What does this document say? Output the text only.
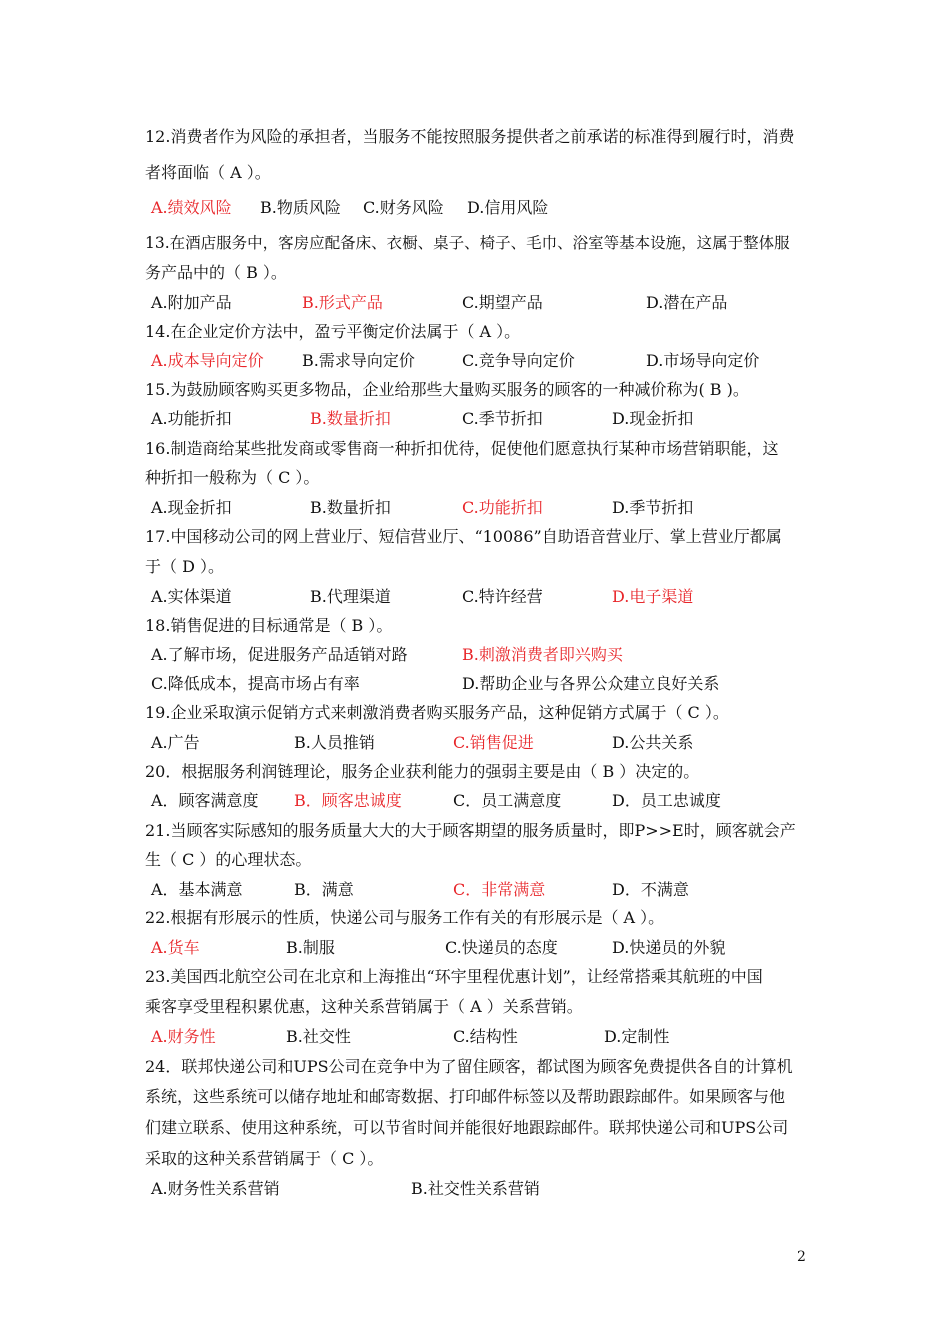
12.消费者作为风险的承担者，当服务不能按照服务提供者之前承诺的标准得到履行时，消费
者将面临（ A ）。
A.绩效风险 B.物质风险 C.财务风险 D.信用风险
13.在酒店服务中，客房应配备床、衣橱、桌子、椅子、毛巾、浴室等基本设施，这属于整体服
务产品中的（ B ）。
A.附加产品	B.形式产品	C.期望产品	D.潜在产品
14.在企业定价方法中，盈亏平衡定价法属于（ A ）。
A.成本导向定价 B.需求导向定价	C.竞争导向定价	D.市场导向定价
15.为鼓励顾客购买更多物品，企业给那些大量购买服务的顾客的一种减价称为( B )。
A.功能折扣	B.数量折扣	C.季节折扣	D.现金折扣
16.制造商给某些批发商或零售商一种折扣优待，促使他们愿意执行某种市场营销职能，这
种折扣一般称为（ C ）。
A.现金折扣	B.数量折扣	C.功能折扣	D.季节折扣
17.中国移动公司的网上营业厅、短信营业厅、“10086”自助语音营业厅、掌上营业厅都属
于（ D ）。
A.实体渠道	B.代理渠道	C.特许经营	D.电子渠道
18.销售促进的目标通常是（ B ）。
A.了解市场，促进服务产品适销对路	B.刺激消费者即兴购买
C.降低成本，提高市场占有率	D.帮助企业与各界公众建立良好关系
19.企业采取演示促销方式来刺激消费者购买服务产品，这种促销方式属于（ C ）。
A.广告	B.人员推销	C.销售促进	D.公共关系
20．根据服务利润链理论，服务企业获利能力的强弱主要是由（ B ）决定的。
A．顾客满意度 B．顾客忠诚度	C．员工满意度	D．员工忠诚度
21.当顾客实际感知的服务质量大大的大于顾客期望的服务质量时，即P>>E时，顾客就会产
生（ C ）的心理状态。
A．基本满意	B．满意	C．非常满意	D．不满意
22.根据有形展示的性质，快递公司与服务工作有关的有形展示是（ A ）。
A.货车	B.制服	C.快递员的态度	D.快递员的外貌
23.美国西北航空公司在北京和上海推出“环宇里程优惠计划”，让经常搭乘其航班的中国
乘客享受里程积累优惠，这种关系营销属于（ A ）关系营销。
A.财务性	B.社交性	C.结构性	D.定制性
24．联邦快递公司和UPS公司在竞争中为了留住顾客，都试图为顾客免费提供各自的计算机
系统，这些系统可以储存地址和邮寄数据、打印邮件标签以及帮助跟踪邮件。如果顾客与他
们建立联系、使用这种系统，可以节省时间并能很好地跟踪邮件。联邦快递公司和UPS公司
采取的这种关系营销属于（ C ）。
A.财务性关系营销	B.社交性关系营销
2
